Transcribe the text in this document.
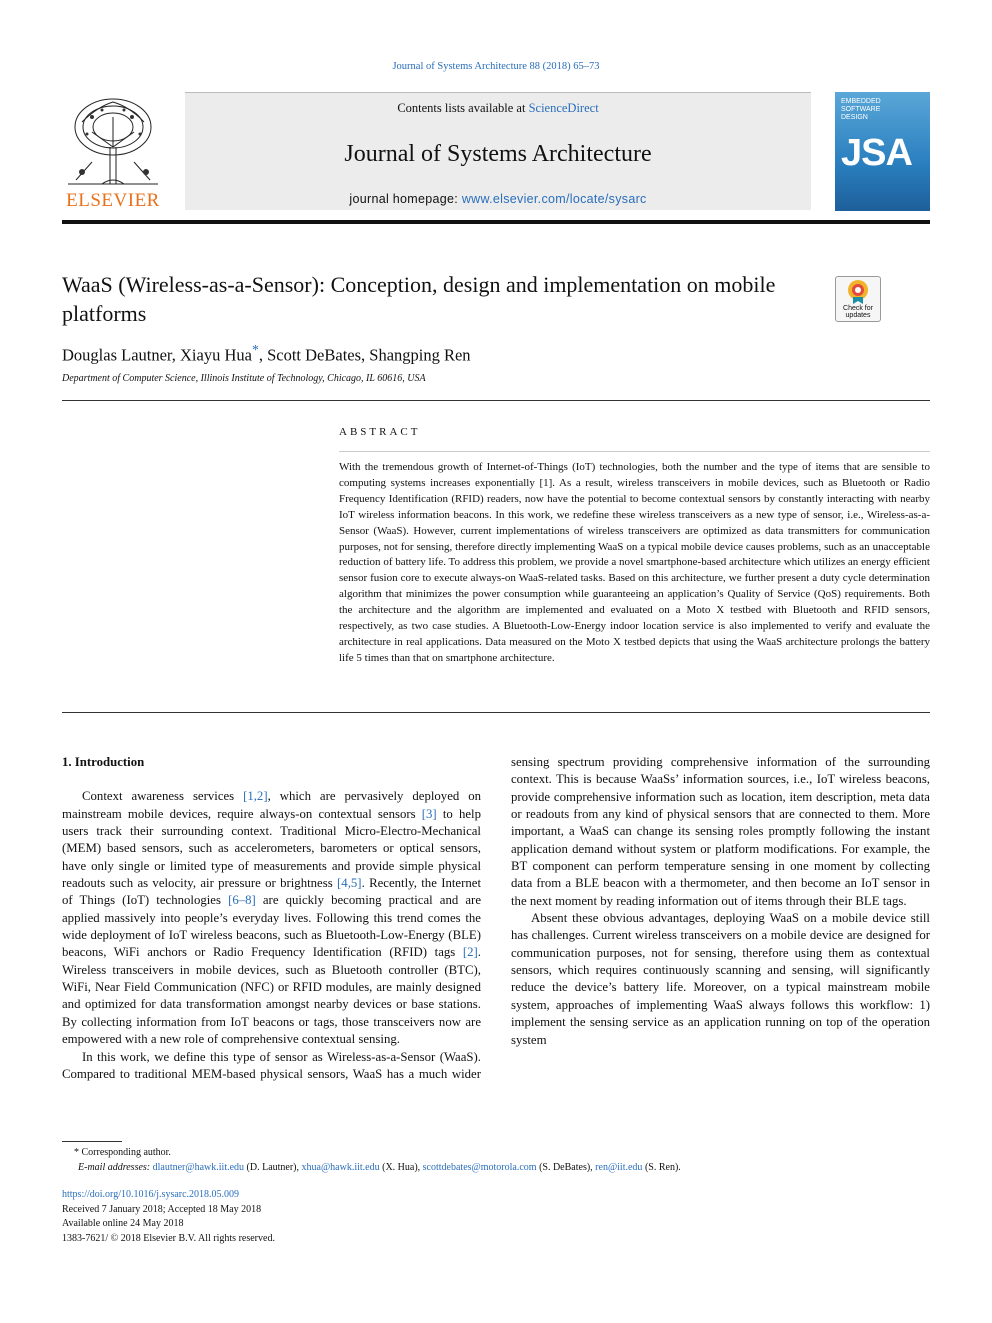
Journal of Systems Architecture 88 (2018) 65–73
ELSEVIER
Contents lists available at ScienceDirect
Journal of Systems Architecture
journal homepage: www.elsevier.com/locate/sysarc
EMBEDDED SOFTWARE DESIGN
JSA
WaaS (Wireless-as-a-Sensor): Conception, design and implementation on mobile platforms	Check for updates
Douglas Lautner, Xiayu Hua*, Scott DeBates, Shangping Ren
Department of Computer Science, Illinois Institute of Technology, Chicago, IL 60616, USA
ABSTRACT
With the tremendous growth of Internet-of-Things (IoT) technologies, both the number and the type of items that are sensible to computing systems increases exponentially [1]. As a result, wireless transceivers in mobile devices, such as Bluetooth or Radio Frequency Identification (RFID) readers, now have the potential to become contextual sensors by constantly interacting with nearby IoT wireless information beacons. In this work, we redefine these wireless transceivers as a new type of sensor, i.e., Wireless-as-a-Sensor (WaaS). However, current implementations of wireless transceivers are optimized as data transmitters for communication purposes, not for sensing, therefore directly implementing WaaS on a typical mobile device causes problems, such as an unacceptable reduction of battery life. To address this problem, we provide a novel smartphone-based architecture which utilizes an energy efficient sensor fusion core to execute always-on WaaS-related tasks. Based on this architecture, we further present a duty cycle determination algorithm that minimizes the power consumption while guaranteeing an application’s Quality of Service (QoS) requirements. Both the architecture and the algorithm are implemented and evaluated on a Moto X testbed with Bluetooth and RFID sensors, respectively, as two case studies. A Bluetooth-Low-Energy indoor location service is also implemented to verify and evaluate the architecture in real applications. Data measured on the Moto X testbed depicts that using the WaaS architecture prolongs the battery life 5 times than that on smartphone architecture.
1. Introduction

Context awareness services [1,2], which are pervasively deployed on mainstream mobile devices, require always-on contextual sensors [3] to help users track their surrounding context. Traditional Micro-Electro-Mechanical (MEM) based sensors, such as accelerometers, barometers or optical sensors, have only single or limited type of measurements and provide simple physical readouts such as velocity, air pressure or brightness [4,5]. Recently, the Internet of Things (IoT) technologies [6–8] are quickly becoming practical and are applied massively into people’s everyday lives. Following this trend comes the wide deployment of IoT wireless beacons, such as Bluetooth-Low-Energy (BLE) beacons, WiFi anchors or Radio Frequency Identification (RFID) tags [2]. Wireless transceivers in mobile devices, such as Bluetooth controller (BTC), WiFi, Near Field Communication (NFC) or RFID modules, are mainly designed and optimized for data transformation amongst nearby devices or base stations. By collecting information from IoT beacons or tags, those transceivers now are empowered with a new role of comprehensive contextual sensing.

In this work, we define this type of sensor as Wireless-as-a-Sensor (WaaS). Compared to traditional MEM-based physical sensors, WaaS has a much wider

sensing spectrum providing comprehensive information of the surrounding context. This is because WaaSs’ information sources, i.e., IoT wireless beacons, provide comprehensive information such as location, item description, meta data or readouts from any kind of physical sensors that are connected to them. More important, a WaaS can change its sensing roles promptly following the instant application demand without system or platform modifications. For example, the BT component can perform temperature sensing in one moment by collecting data from a BLE beacon with a thermometer, and then become an IoT sensor in the next moment by reading information out of items through their BLE tags.

Absent these obvious advantages, deploying WaaS on a mobile device still has challenges. Current wireless transceivers on a mobile device are designed for communication purposes, not for sensing, therefore using them as contextual sensors, which requires continuously scanning and sensing, will significantly reduce the device’s battery life. Moreover, on a typical mainstream mobile system, approaches of implementing WaaS always follows this workflow: 1) implement the sensing service as an application running on top of the operation system

* Corresponding author.
E-mail addresses: dlautner@hawk.iit.edu (D. Lautner), xhua@hawk.iit.edu (X. Hua), scottdebates@motorola.com (S. DeBates), ren@iit.edu (S. Ren).
https://doi.org/10.1016/j.sysarc.2018.05.009
Received 7 January 2018; Accepted 18 May 2018
Available online 24 May 2018
1383-7621/ © 2018 Elsevier B.V. All rights reserved.
